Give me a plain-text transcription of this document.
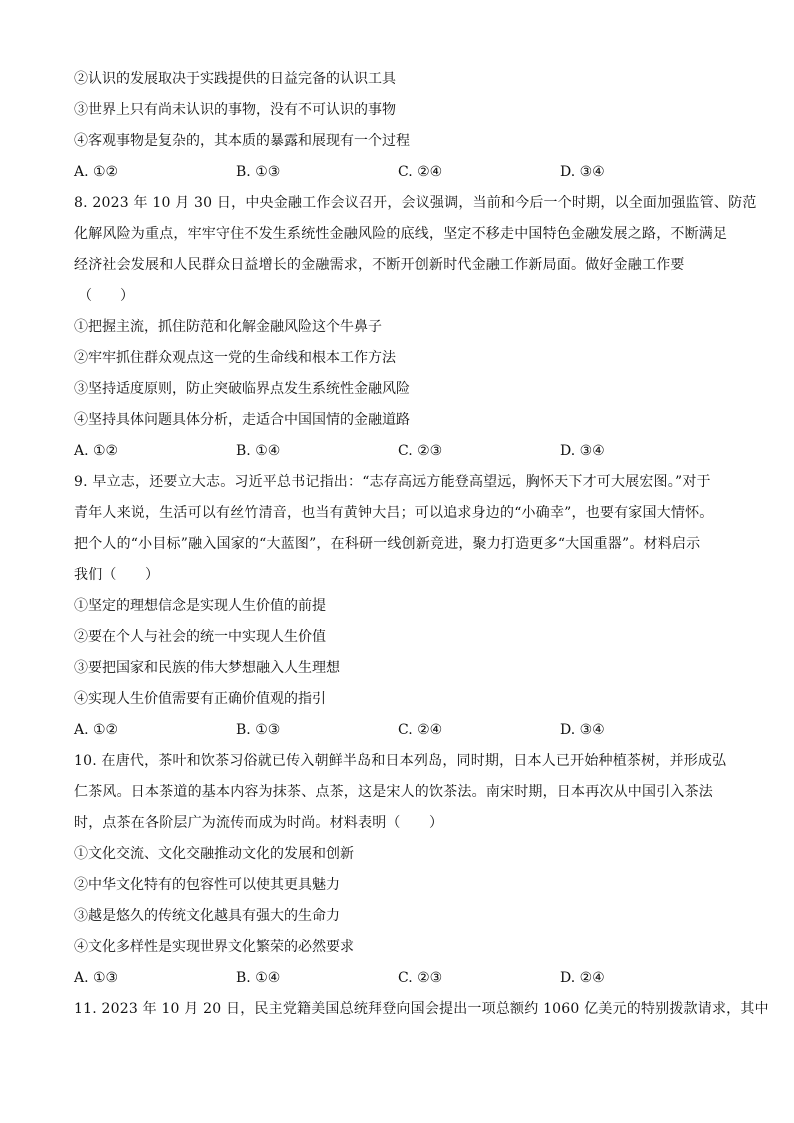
②认识的发展取决于实践提供的日益完备的认识工具
③世界上只有尚未认识的事物，没有不可认识的事物
④客观事物是复杂的，其本质的暴露和展现有一个过程
A. ①②	B. ①③	C. ②④	D. ③④
8. 2023 年 10 月 30 日，中央金融工作会议召开，会议强调，当前和今后一个时期，以全面加强监管、防范
化解风险为重点，牢牢守住不发生系统性金融风险的底线，坚定不移走中国特色金融发展之路，不断满足
经济社会发展和人民群众日益增长的金融需求，不断开创新时代金融工作新局面。做好金融工作要
（　　）
①把握主流，抓住防范和化解金融风险这个牛鼻子
②牢牢抓住群众观点这一党的生命线和根本工作方法
③坚持适度原则，防止突破临界点发生系统性金融风险
④坚持具体问题具体分析，走适合中国国情的金融道路
A. ①②	B. ①④	C. ②③	D. ③④
9. 早立志，还要立大志。习近平总书记指出：“志存高远方能登高望远，胸怀天下才可大展宏图。”对于
青年人来说，生活可以有丝竹清音，也当有黄钟大吕；可以追求身边的“小确幸”，也要有家国大情怀。
把个人的“小目标”融入国家的“大蓝图”，在科研一线创新竞进，聚力打造更多“大国重器”。材料启示
我们（　　）
①坚定的理想信念是实现人生价值的前提
②要在个人与社会的统一中实现人生价值
③要把国家和民族的伟大梦想融入人生理想
④实现人生价值需要有正确价值观的指引
A. ①②	B. ①③	C. ②④	D. ③④
10. 在唐代，茶叶和饮茶习俗就已传入朝鲜半岛和日本列岛，同时期，日本人已开始种植茶树，并形成弘
仁茶风。日本茶道的基本内容为抹茶、点茶，这是宋人的饮茶法。南宋时期，日本再次从中国引入茶法
时，点茶在各阶层广为流传而成为时尚。材料表明（　　）
①文化交流、文化交融推动文化的发展和创新
②中华文化特有的包容性可以使其更具魅力
③越是悠久的传统文化越具有强大的生命力
④文化多样性是实现世界文化繁荣的必然要求
A. ①③	B. ①④	C. ②③	D. ②④
11. 2023 年 10 月 20 日，民主党籍美国总统拜登向国会提出一项总额约 1060 亿美元的特别拨款请求，其中
